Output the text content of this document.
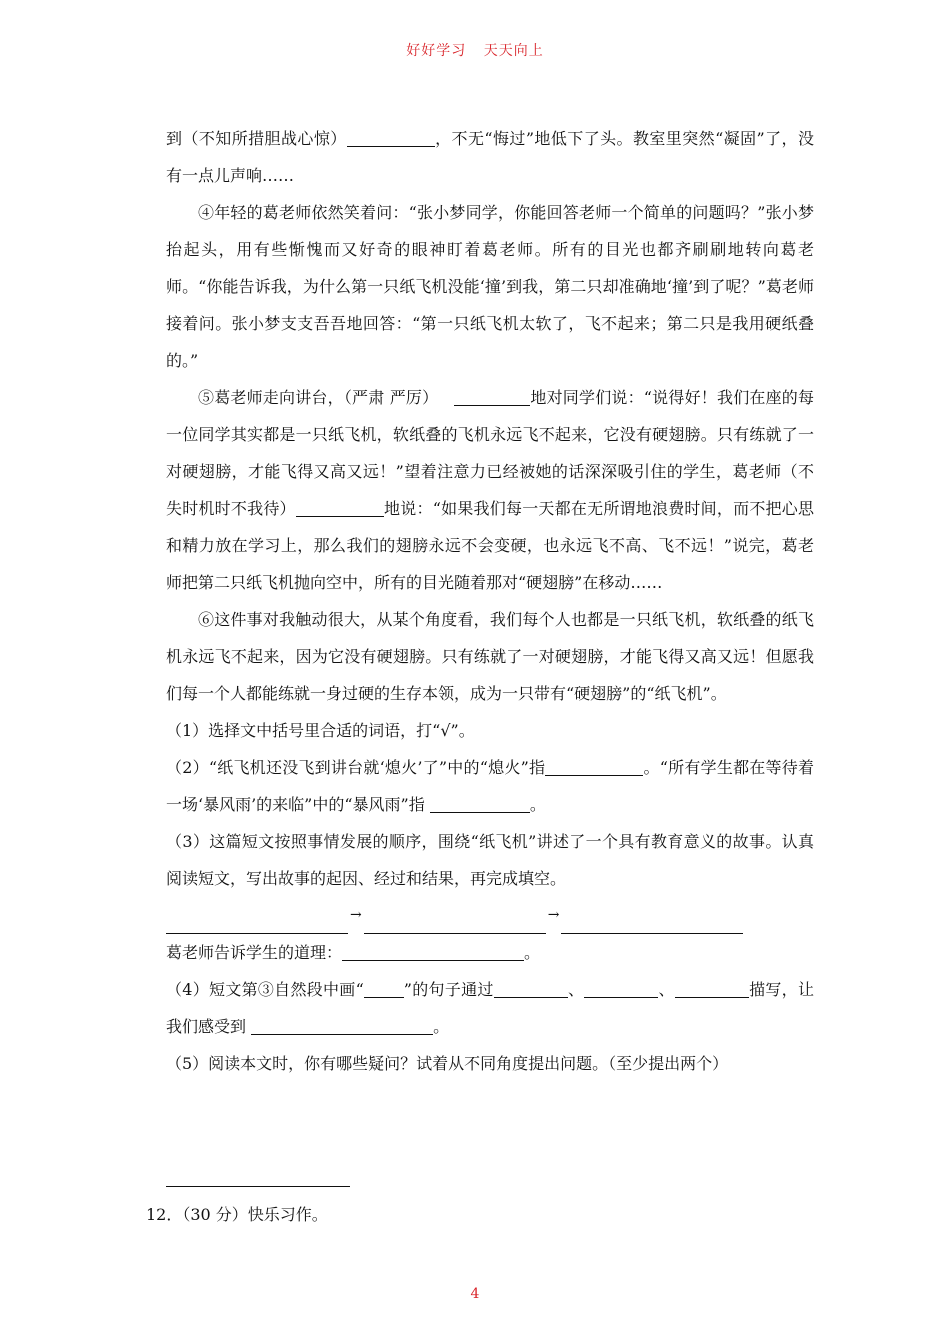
好好学习 天天向上

到（不知所措胆战心惊）	，不无“悔过”地低下了头。教室里突然“凝固”了，没有一点儿声响……

④年轻的葛老师依然笑着问：“张小梦同学，你能回答老师一个简单的问题吗？”张小梦抬起头，用有些惭愧而又好奇的眼神盯着葛老师。所有的目光也都齐刷刷地转向葛老师。“你能告诉我，为什么第一只纸飞机没能‘撞’到我，第二只却准确地‘撞’到了呢？”葛老师接着问。张小梦支支吾吾地回答：“第一只纸飞机太软了，飞不起来；第二只是我用硬纸叠的。”

⑤葛老师走向讲台，（严肃 严厉）	地对同学们说：“说得好！我们在座的每一位同学其实都是一只纸飞机，软纸叠的飞机永远飞不起来，它没有硬翅膀。只有练就了一对硬翅膀，才能飞得又高又远！”望着注意力已经被她的话深深吸引住的学生，葛老师（不失时机时不我待）	地说：“如果我们每一天都在无所谓地浪费时间，而不把心思和精力放在学习上，那么我们的翅膀永远不会变硬，也永远飞不高、飞不远！”说完，葛老师把第二只纸飞机抛向空中，所有的目光随着那对“硬翅膀”在移动……

⑥这件事对我触动很大，从某个角度看，我们每个人也都是一只纸飞机，软纸叠的纸飞机永远飞不起来，因为它没有硬翅膀。只有练就了一对硬翅膀，才能飞得又高又远！但愿我们每一个人都能练就一身过硬的生存本领，成为一只带有“硬翅膀”的“纸飞机”。

（1）选择文中括号里合适的词语，打“√”。

（2）“纸飞机还没飞到讲台就‘熄火’了”中的“熄火”指	。“所有学生都在等待着一场‘暴风雨’的来临”中的“暴风雨”指	。

（3）这篇短文按照事情发展的顺序，围绕“纸飞机”讲述了一个具有教育意义的故事。认真阅读短文，写出故事的起因、经过和结果，再完成填空。

→	→

葛老师告诉学生的道理：	。

（4）短文第③自然段中画“	”的句子通过	、	、	描写，让我们感受到	。

（5）阅读本文时，你有哪些疑问？试着从不同角度提出问题。（至少提出两个）

12．（30 分）快乐习作。
4
